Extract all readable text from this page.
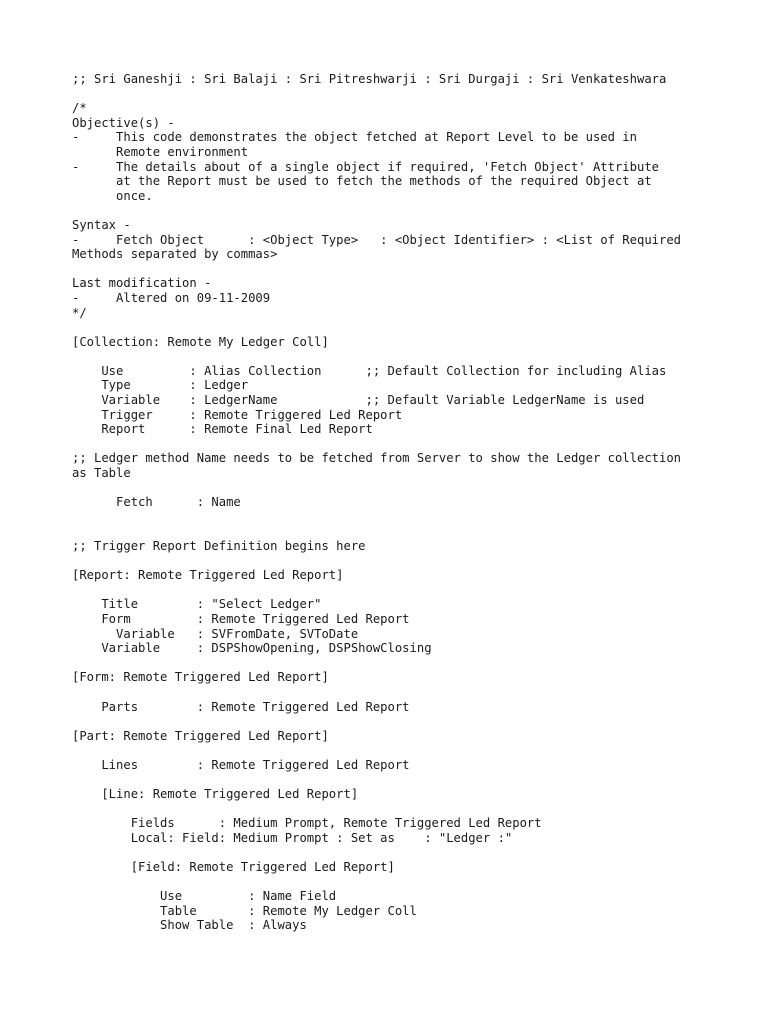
;; Sri Ganeshji : Sri Balaji : Sri Pitreshwarji : Sri Durgaji : Sri Venkateshwara
/*
Objective(s) -
-     This code demonstrates the object fetched at Report Level to be used in
Remote environment
-     The details about of a single object if required, 'Fetch Object' Attribute
at the Report must be used to fetch the methods of the required Object at
once.
Syntax -
-     Fetch Object      : <Object Type>   : <Object Identifier> : <List of Required
Methods separated by commas>
Last modification -
-     Altered on 09-11-2009
*/
[Collection: Remote My Ledger Coll]
Use         : Alias Collection      ;; Default Collection for including Alias
Type        : Ledger
Variable    : LedgerName            ;; Default Variable LedgerName is used
Trigger     : Remote Triggered Led Report
Report      : Remote Final Led Report
;; Ledger method Name needs to be fetched from Server to show the Ledger collection
as Table
Fetch      : Name
;; Trigger Report Definition begins here
[Report: Remote Triggered Led Report]
Title        : "Select Ledger"
Form         : Remote Triggered Led Report
Variable   : SVFromDate, SVToDate
Variable     : DSPShowOpening, DSPShowClosing
[Form: Remote Triggered Led Report]
Parts        : Remote Triggered Led Report
[Part: Remote Triggered Led Report]
Lines        : Remote Triggered Led Report
[Line: Remote Triggered Led Report]
Fields      : Medium Prompt, Remote Triggered Led Report
Local: Field: Medium Prompt : Set as    : "Ledger :"
[Field: Remote Triggered Led Report]
Use         : Name Field
Table       : Remote My Ledger Coll
Show Table  : Always
